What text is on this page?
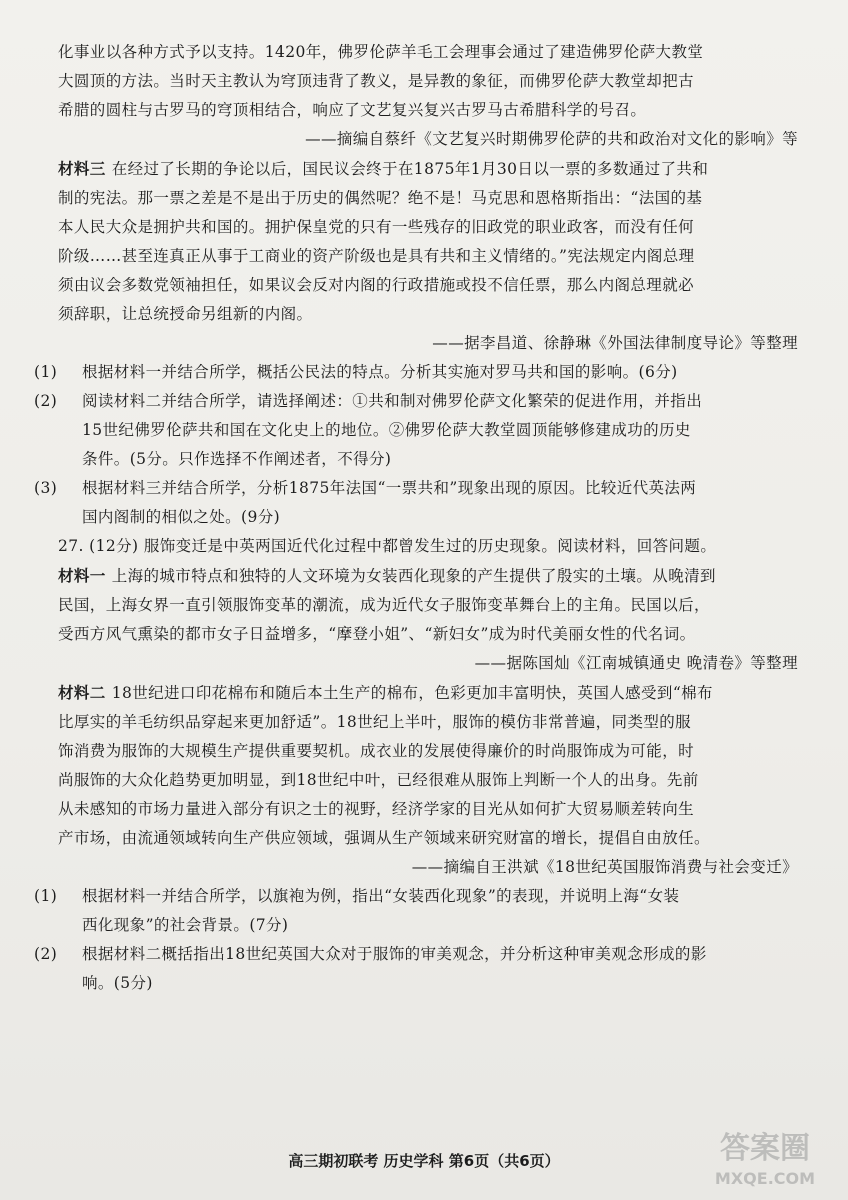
化事业以各种方式予以支持。1420年，佛罗伦萨羊毛工会理事会通过了建造佛罗伦萨大教堂

大圆顶的方法。当时天主教认为穹顶违背了教义，是异教的象征，而佛罗伦萨大教堂却把古

希腊的圆柱与古罗马的穹顶相结合，响应了文艺复兴复兴古罗马古希腊科学的号召。

——摘编自蔡纤《文艺复兴时期佛罗伦萨的共和政治对文化的影响》等

材料三 在经过了长期的争论以后，国民议会终于在1875年1月30日以一票的多数通过了共和

制的宪法。那一票之差是不是出于历史的偶然呢？绝不是！马克思和恩格斯指出：“法国的基

本人民大众是拥护共和国的。拥护保皇党的只有一些残存的旧政党的职业政客，而没有任何

阶级……甚至连真正从事于工商业的资产阶级也是具有共和主义情绪的。”宪法规定内阁总理

须由议会多数党领袖担任，如果议会反对内阁的行政措施或投不信任票，那么内阁总理就必

须辞职，让总统授命另组新的内阁。

——据李昌道、徐静琳《外国法律制度导论》等整理

(1) 根据材料一并结合所学，概括公民法的特点。分析其实施对罗马共和国的影响。(6分)

(2) 阅读材料二并结合所学，请选择阐述：①共和制对佛罗伦萨文化繁荣的促进作用，并指出
15世纪佛罗伦萨共和国在文化史上的地位。②佛罗伦萨大教堂圆顶能够修建成功的历史
条件。(5分。只作选择不作阐述者，不得分)

(3) 根据材料三并结合所学，分析1875年法国“一票共和”现象出现的原因。比较近代英法两
国内阁制的相似之处。(9分)

27. (12分) 服饰变迁是中英两国近代化过程中都曾发生过的历史现象。阅读材料，回答问题。

材料一 上海的城市特点和独特的人文环境为女装西化现象的产生提供了殷实的土壤。从晚清到

民国，上海女界一直引领服饰变革的潮流，成为近代女子服饰变革舞台上的主角。民国以后，

受西方风气熏染的都市女子日益增多，“摩登小姐”、“新妇女”成为时代美丽女性的代名词。

——据陈国灿《江南城镇通史 晚清卷》等整理

材料二 18世纪进口印花棉布和随后本土生产的棉布，色彩更加丰富明快，英国人感受到“棉布

比厚实的羊毛纺织品穿起来更加舒适”。18世纪上半叶，服饰的模仿非常普遍，同类型的服

饰消费为服饰的大规模生产提供重要契机。成衣业的发展使得廉价的时尚服饰成为可能，时

尚服饰的大众化趋势更加明显，到18世纪中叶，已经很难从服饰上判断一个人的出身。先前

从未感知的市场力量进入部分有识之士的视野，经济学家的目光从如何扩大贸易顺差转向生

产市场，由流通领域转向生产供应领域，强调从生产领域来研究财富的增长，提倡自由放任。

——摘编自王洪斌《18世纪英国服饰消费与社会变迁》

(1) 根据材料一并结合所学，以旗袍为例，指出“女装西化现象”的表现，并说明上海“女装
西化现象”的社会背景。(7分)

(2) 根据材料二概括指出18世纪英国大众对于服饰的审美观念，并分析这种审美观念形成的影
响。(5分)

高三期初联考 历史学科 第6页（共6页）	答案圈
MXQE.COM
